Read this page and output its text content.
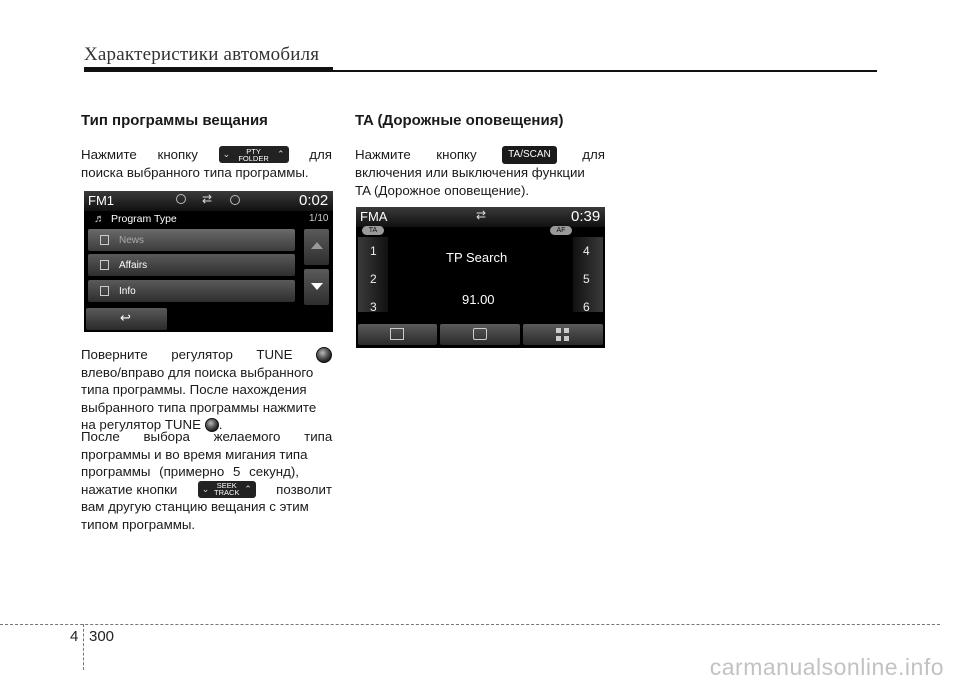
Характеристики автомобиля
Тип программы вещания
Нажмите кнопку	⌄	PTY
FOLDER ⌃ для
поиска выбранного типа программы.
FM1	⇄	0:02
♬ Program Type	1/10
News
Affairs
Info
↩
Поверните регулятор TUNE
влево/вправо для поиска выбранного
типа программы. После нахождения
выбранного типа программы нажмите
на регулятор TUNE .
После выбора желаемого типа
программы и во время мигания типа
программы (примерно 5 секунд),
нажатие кнопки	⌄ SEEK
TRACK ⌃ позволит
вам другую станцию вещания с этим
типом программы.
TA (Дорожные оповещения)
Нажмите кнопку	TA/SCAN	для
включения или выключения функции
TA (Дорожное оповещение).
FMA	⇄	0:39
TA	AF
1
2
3
4
5
6
TP Search
91.00
4 300
carmanualsonline.info
